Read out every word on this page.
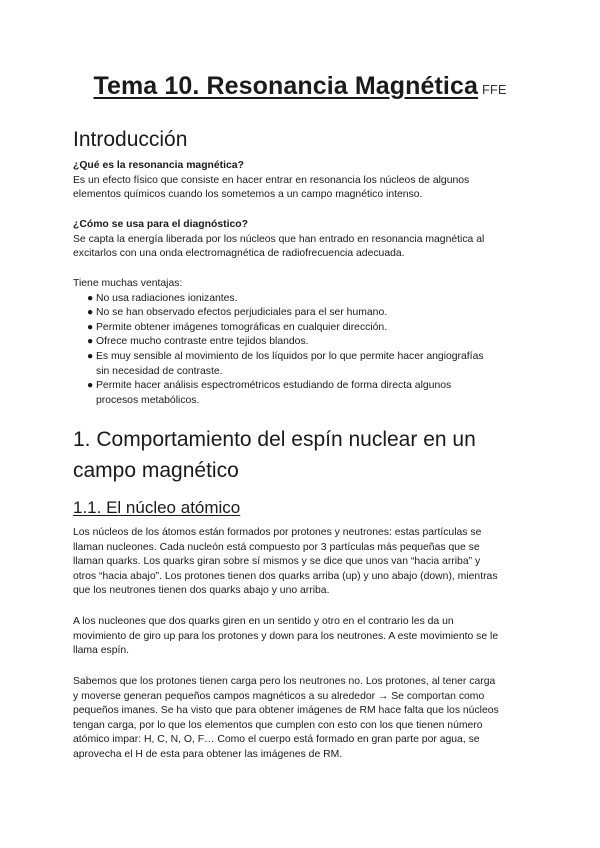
Tema 10. Resonancia Magnética FFE
Introducción
¿Qué es la resonancia magnética?
Es un efecto físico que consiste en hacer entrar en resonancia los núcleos de algunos
elementos químicos cuando los sometemos a un campo magnético intenso.
¿Cómo se usa para el diagnóstico?
Se capta la energía liberada por los núcleos que han entrado en resonancia magnética al
excitarlos con una onda electromagnética de radiofrecuencia adecuada.
Tiene muchas ventajas:
● No usa radiaciones ionizantes.
● No se han observado efectos perjudiciales para el ser humano.
● Permite obtener imágenes tomográficas en cualquier dirección.
● Ofrece mucho contraste entre tejidos blandos.
● Es muy sensible al movimiento de los líquidos por lo que permite hacer angiografías
sin necesidad de contraste.
● Permite hacer análisis espectrométricos estudiando de forma directa algunos
procesos metabólicos.
1. Comportamiento del espín nuclear en un
campo magnético
1.1. El núcleo atómico
Los núcleos de los átomos están formados por protones y neutrones: estas partículas se
llaman nucleones. Cada nucleón está compuesto por 3 partículas más pequeñas que se
llaman quarks. Los quarks giran sobre sí mismos y se dice que unos van “hacia arriba” y
otros “hacia abajo”. Los protones tienen dos quarks arriba (up) y uno abajo (down), mientras
que los neutrones tienen dos quarks abajo y uno arriba.
A los nucleones que dos quarks giren en un sentido y otro en el contrario les da un
movimiento de giro up para los protones y down para los neutrones. A este movimiento se le
llama espín.
Sabemos que los protones tienen carga pero los neutrones no. Los protones, al tener carga
y moverse generan pequeños campos magnéticos a su alrededor → Se comportan como
pequeños imanes. Se ha visto que para obtener imágenes de RM hace falta que los núcleos
tengan carga, por lo que los elementos que cumplen con esto con los que tienen número
atómico impar: H, C, N, O, F… Como el cuerpo está formado en gran parte por agua, se
aprovecha el H de esta para obtener las imágenes de RM.
